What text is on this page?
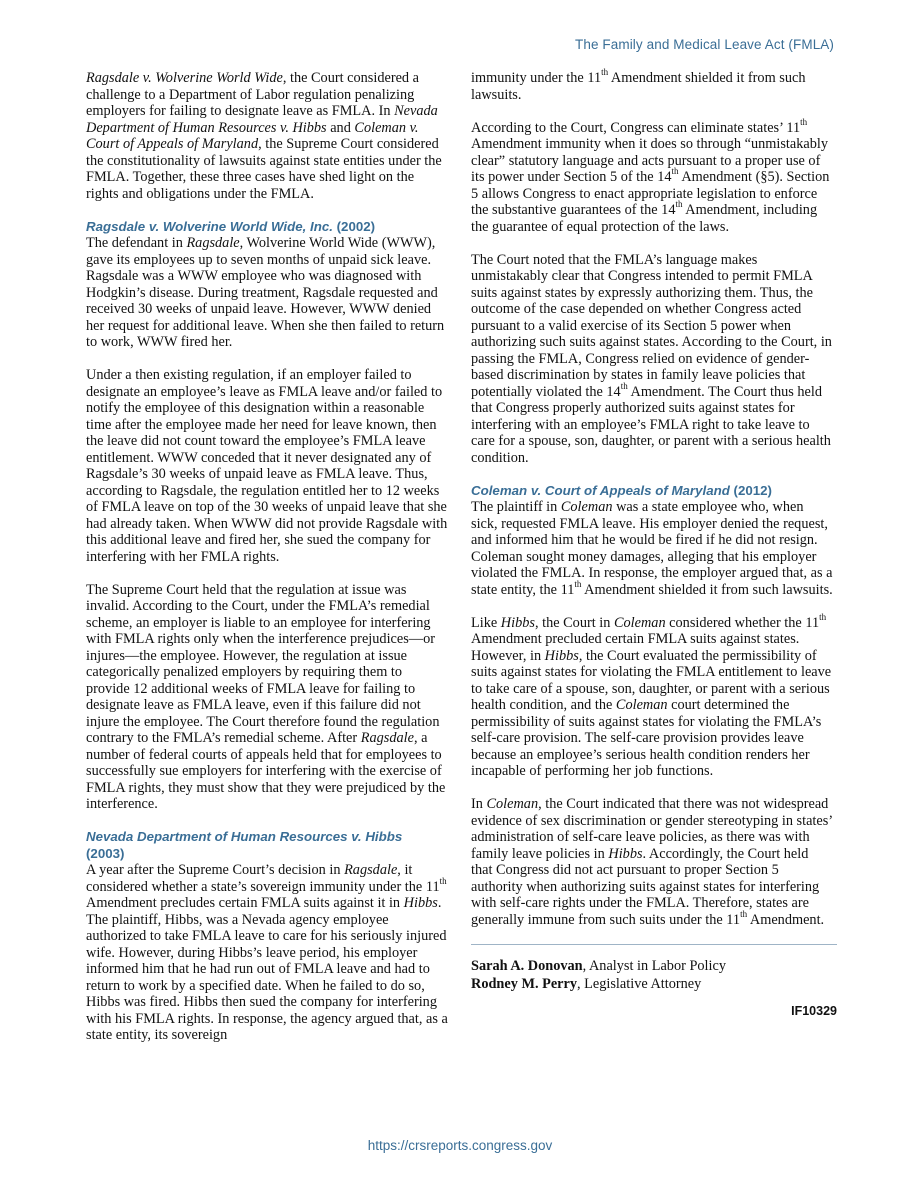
The Family and Medical Leave Act (FMLA)

Ragsdale v. Wolverine World Wide, the Court considered a challenge to a Department of Labor regulation penalizing employers for failing to designate leave as FMLA. In Nevada Department of Human Resources v. Hibbs and Coleman v. Court of Appeals of Maryland, the Supreme Court considered the constitutionality of lawsuits against state entities under the FMLA. Together, these three cases have shed light on the rights and obligations under the FMLA.

Ragsdale v. Wolverine World Wide, Inc. (2002)

The defendant in Ragsdale, Wolverine World Wide (WWW), gave its employees up to seven months of unpaid sick leave. Ragsdale was a WWW employee who was diagnosed with Hodgkin’s disease. During treatment, Ragsdale requested and received 30 weeks of unpaid leave. However, WWW denied her request for additional leave. When she then failed to return to work, WWW fired her.

Under a then existing regulation, if an employer failed to designate an employee’s leave as FMLA leave and/or failed to notify the employee of this designation within a reasonable time after the employee made her need for leave known, then the leave did not count toward the employee’s FMLA leave entitlement. WWW conceded that it never designated any of Ragsdale’s 30 weeks of unpaid leave as FMLA leave. Thus, according to Ragsdale, the regulation entitled her to 12 weeks of FMLA leave on top of the 30 weeks of unpaid leave that she had already taken. When WWW did not provide Ragsdale with this additional leave and fired her, she sued the company for interfering with her FMLA rights.

The Supreme Court held that the regulation at issue was invalid. According to the Court, under the FMLA’s remedial scheme, an employer is liable to an employee for interfering with FMLA rights only when the interference prejudices—or injures—the employee. However, the regulation at issue categorically penalized employers by requiring them to provide 12 additional weeks of FMLA leave for failing to designate leave as FMLA leave, even if this failure did not injure the employee. The Court therefore found the regulation contrary to the FMLA’s remedial scheme. After Ragsdale, a number of federal courts of appeals held that for employees to successfully sue employers for interfering with the exercise of FMLA rights, they must show that they were prejudiced by the interference.

Nevada Department of Human Resources v. Hibbs
(2003)

A year after the Supreme Court’s decision in Ragsdale, it considered whether a state’s sovereign immunity under the 11th Amendment precludes certain FMLA suits against it in Hibbs. The plaintiff, Hibbs, was a Nevada agency employee authorized to take FMLA leave to care for his seriously injured wife. However, during Hibbs’s leave period, his employer informed him that he had run out of FMLA leave and had to return to work by a specified date. When he failed to do so, Hibbs was fired. Hibbs then sued the company for interfering with his FMLA rights. In response, the agency argued that, as a state entity, its sovereign

immunity under the 11th Amendment shielded it from such lawsuits.

According to the Court, Congress can eliminate states’ 11th Amendment immunity when it does so through “unmistakably clear” statutory language and acts pursuant to a proper use of its power under Section 5 of the 14th Amendment (§5). Section 5 allows Congress to enact appropriate legislation to enforce the substantive guarantees of the 14th Amendment, including the guarantee of equal protection of the laws.

The Court noted that the FMLA’s language makes unmistakably clear that Congress intended to permit FMLA suits against states by expressly authorizing them. Thus, the outcome of the case depended on whether Congress acted pursuant to a valid exercise of its Section 5 power when authorizing such suits against states. According to the Court, in passing the FMLA, Congress relied on evidence of gender-based discrimination by states in family leave policies that potentially violated the 14th Amendment. The Court thus held that Congress properly authorized suits against states for interfering with an employee’s FMLA right to take leave to care for a spouse, son, daughter, or parent with a serious health condition.

Coleman v. Court of Appeals of Maryland (2012)

The plaintiff in Coleman was a state employee who, when sick, requested FMLA leave. His employer denied the request, and informed him that he would be fired if he did not resign. Coleman sought money damages, alleging that his employer violated the FMLA. In response, the employer argued that, as a state entity, the 11th Amendment shielded it from such lawsuits.

Like Hibbs, the Court in Coleman considered whether the 11th Amendment precluded certain FMLA suits against states. However, in Hibbs, the Court evaluated the permissibility of suits against states for violating the FMLA entitlement to leave to take care of a spouse, son, daughter, or parent with a serious health condition, and the Coleman court determined the permissibility of suits against states for violating the FMLA’s self-care provision. The self-care provision provides leave because an employee’s serious health condition renders her incapable of performing her job functions.

In Coleman, the Court indicated that there was not widespread evidence of sex discrimination or gender stereotyping in states’ administration of self-care leave policies, as there was with family leave policies in Hibbs. Accordingly, the Court held that Congress did not act pursuant to proper Section 5 authority when authorizing suits against states for interfering with self-care rights under the FMLA. Therefore, states are generally immune from such suits under the 11th Amendment.

Sarah A. Donovan, Analyst in Labor Policy
Rodney M. Perry, Legislative Attorney
IF10329
https://crsreports.congress.gov
